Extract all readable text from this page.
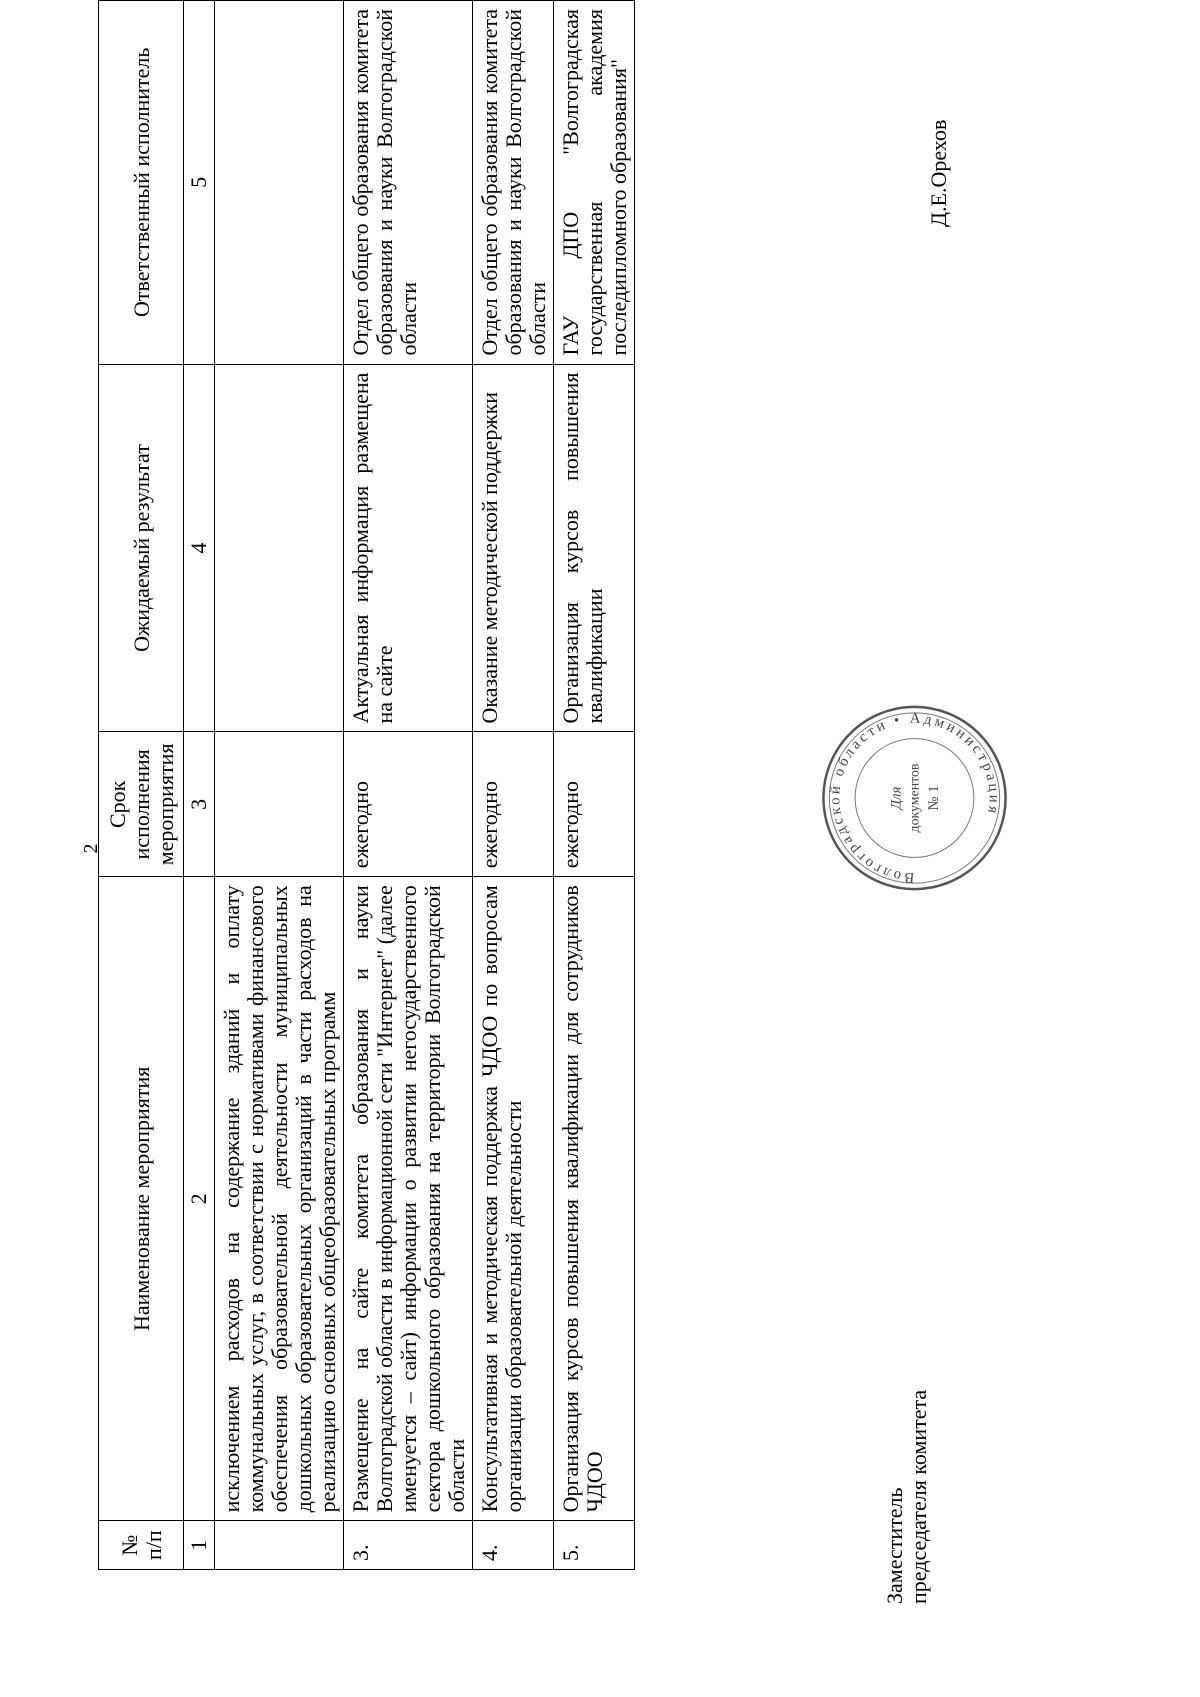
2
№ п/п	Наименование мероприятия	Срок исполнения мероприятия	Ожидаемый результат	Ответственный исполнитель
1	2	3	4	5
	исключением расходов на содержание зданий и оплату коммунальных услуг, в соответствии с нормативами финансового обеспечения образовательной деятельности муниципальных дошкольных образовательных организаций в части расходов на реализацию основных общеобразовательных программ			
3.	Размещение на сайте комитета образования и науки Волгоградской области в информационной сети "Интернет" (далее именуется – сайт) информации о развитии негосударственного сектора дошкольного образования на территории Волгоградской области	ежегодно	Актуальная информация размещена на сайте	Отдел общего образования комитета образования и науки Волгоградской области
4.	Консультативная и методическая поддержка ЧДОО по вопросам организации образовательной деятельности	ежегодно	Оказание методической поддержки	Отдел общего образования комитета образования и науки Волгоградской области
5.	Организация курсов повышения квалификации для сотрудников ЧДОО	ежегодно	Организация курсов повышения квалификации	ГАУ ДПО "Волгоградская государственная академия последипломного образования"
Волгоградской области • Администрация
Для документов № 1
Заместитель председателя комитета
Д.Е.Орехов
